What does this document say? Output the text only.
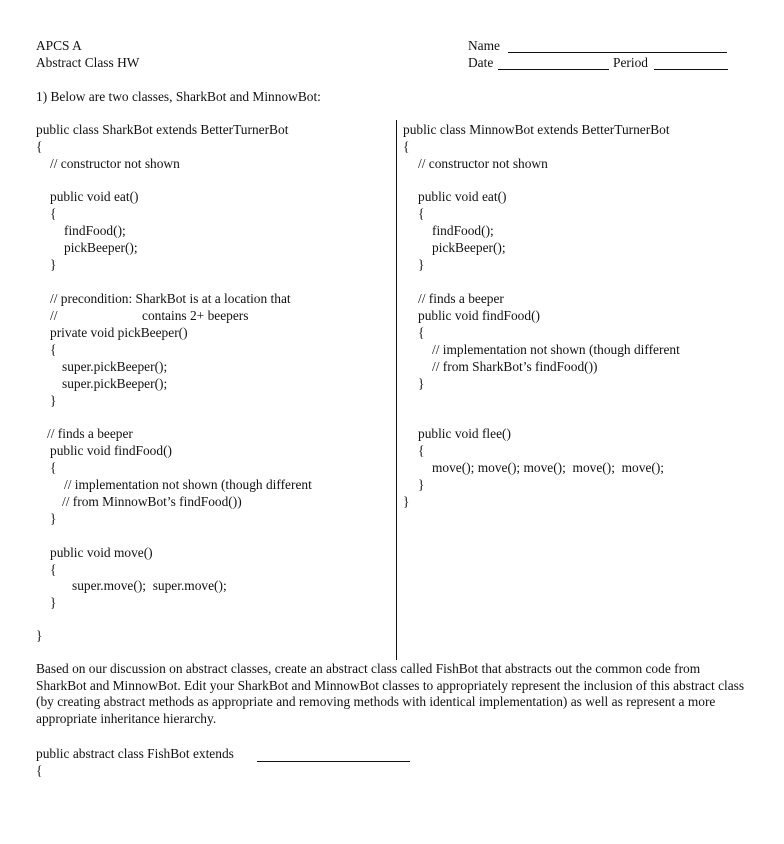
APCS A
Abstract Class HW
Name
Date	Period
1) Below are two classes, SharkBot and MinnowBot:
public class SharkBot extends BetterTurnerBot
{
// constructor not shown
public void eat()
{
findFood();
pickBeeper();
}
// precondition: SharkBot is at a location that
//	contains 2+ beepers
private void pickBeeper()
{
super.pickBeeper();
super.pickBeeper();
}
// finds a beeper
public void findFood()
{
// implementation not shown (though different
// from MinnowBot’s findFood())
}
public void move()
{
super.move();  super.move();
}
}
public class MinnowBot extends BetterTurnerBot
{
// constructor not shown
public void eat()
{
findFood();
pickBeeper();
}
// finds a beeper
public void findFood()
{
// implementation not shown (though different
// from SharkBot’s findFood())
}
public void flee()
{
move(); move(); move();  move();  move();
}
}
Based on our discussion on abstract classes, create an abstract class called FishBot that abstracts out the common code from SharkBot and MinnowBot. Edit your SharkBot and MinnowBot classes to appropriately represent the inclusion of this abstract class (by creating abstract methods as appropriate and removing methods with identical implementation) as well as represent a more appropriate inheritance hierarchy.
public abstract class FishBot extends
{
